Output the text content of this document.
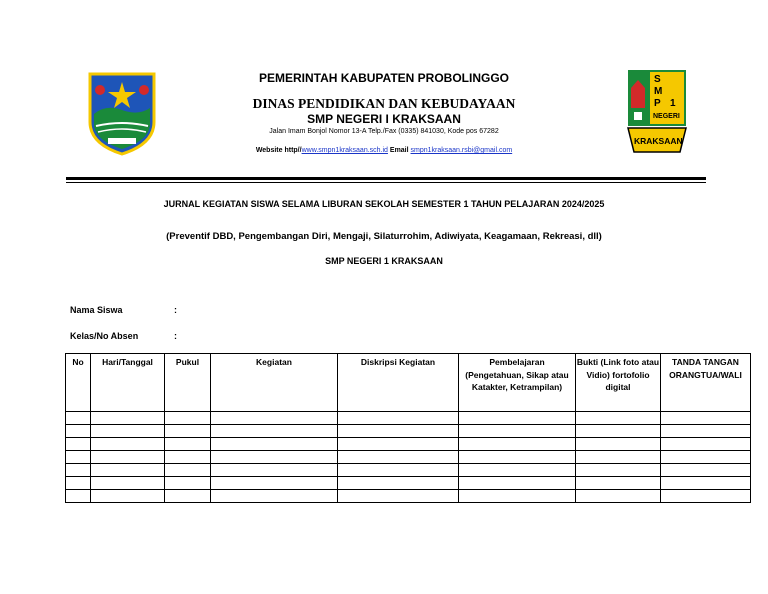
S
M
P 1
NEGERI
KRAKSAAN
PEMERINTAH KABUPATEN PROBOLINGGO
DINAS PENDIDIKAN DAN KEBUDAYAAN
SMP NEGERI I KRAKSAAN
Jalan Imam Bonjol Nomor 13-A Telp./Fax (0335) 841030, Kode pos 67282
Website http//www.smpn1kraksaan.sch.id Email smpn1kraksaan.rsbi@gmail.com
JURNAL KEGIATAN SISWA SELAMA LIBURAN SEKOLAH SEMESTER 1 TAHUN PELAJARAN 2024/2025
(Preventif DBD, Pengembangan Diri, Mengaji, Silaturrohim, Adiwiyata, Keagamaan, Rekreasi, dll)
SMP NEGERI 1 KRAKSAAN
Nama Siswa	:
Kelas/No Absen	:
No	Hari/Tanggal	Pukul	Kegiatan	Diskripsi Kegiatan	Pembelajaran (Pengetahuan, Sikap atau Katakter, Ketrampilan)	Bukti (Link foto atau Vidio) fortofolio digital	TANDA TANGAN ORANGTUA/WALI
